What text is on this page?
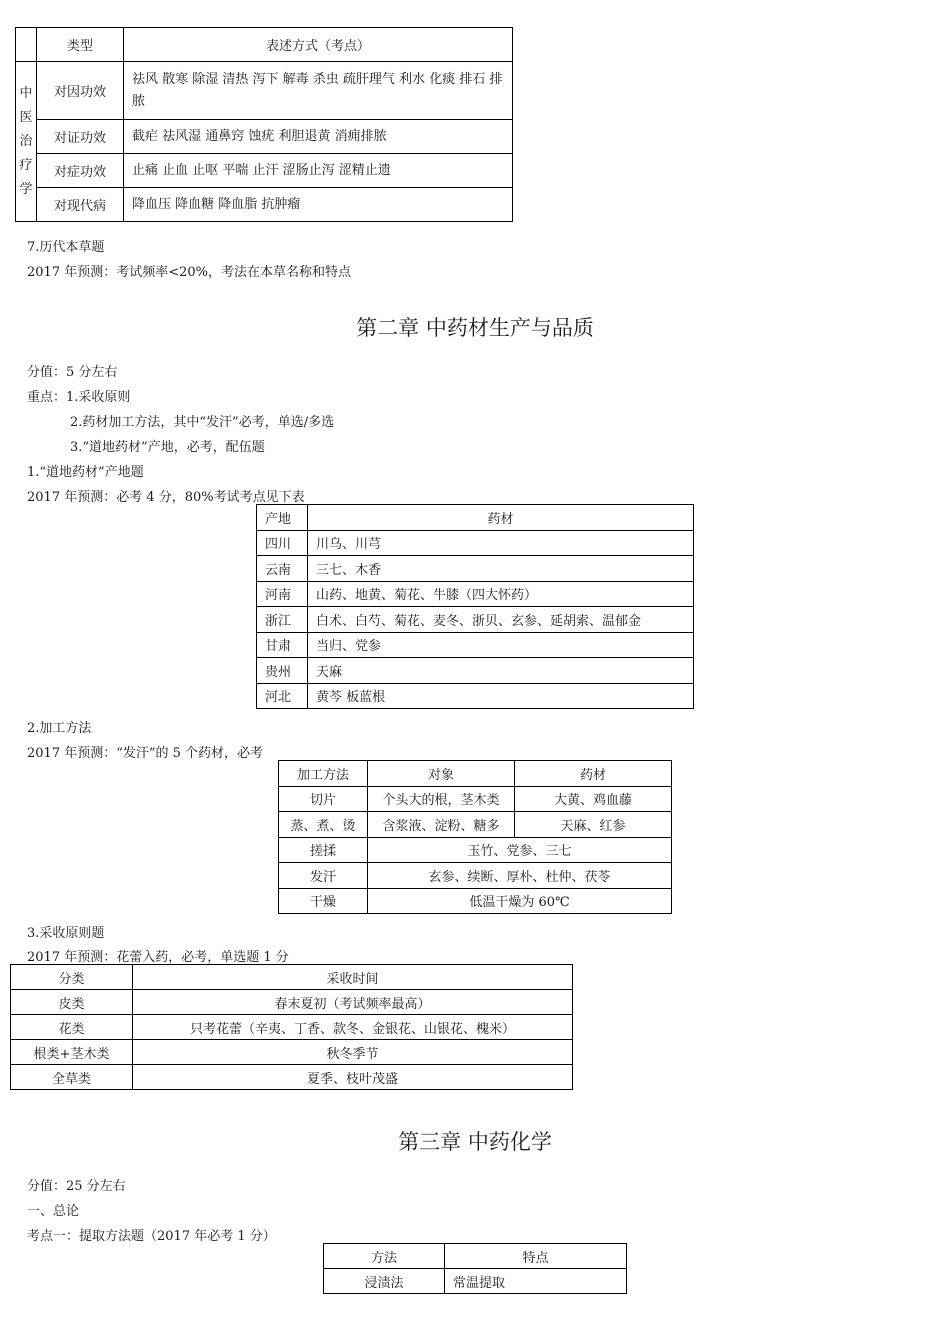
	类型	表述方式（考点）

中
医
治
疗
学	对因功效	祛风 散寒 除湿 清热 泻下 解毒 杀虫 疏肝理气 利水 化痰 排石 排脓
	对证功效	截疟 祛风湿 通鼻窍 蚀疣 利胆退黄 消痈排脓
	对症功效	止痛 止血 止呕 平喘 止汗 涩肠止泻 涩精止遗
	对现代病	降血压 降血糖 降血脂 抗肿瘤
7.历代本草题
2017 年预测：考试频率<20%，考法在本草名称和特点
第二章 中药材生产与品质
分值：5 分左右
重点：1.采收原则
2.药材加工方法，其中“发汗”必考，单选/多选
3.“道地药材”产地，必考，配伍题
1.“道地药材”产地题
2017 年预测：必考 4 分，80%考试考点见下表
产地	药材
四川	川乌、川芎
云南	三七、木香
河南	山药、地黄、菊花、牛膝（四大怀药）
浙江	白术、白芍、菊花、麦冬、浙贝、玄参、延胡索、温郁金
甘肃	当归、党参
贵州	天麻
河北	黄芩 板蓝根
2.加工方法
2017 年预测：“发汗”的 5 个药材，必考
加工方法	对象	药材
切片	个头大的根，茎木类	大黄、鸡血藤
蒸、煮、烫	含浆液、淀粉、糖多	天麻、红参
搓揉	玉竹、党参、三七	
发汗	玄参、续断、厚朴、杜仲、茯苓	
干燥	低温干燥为 60℃	
3.采收原则题
2017 年预测：花蕾入药，必考，单选题 1 分
分类	采收时间
皮类	春末夏初（考试频率最高）
花类	只考花蕾（辛夷、丁香、款冬、金银花、山银花、槐米）
根类+茎木类	秋冬季节
全草类	夏季、枝叶茂盛
第三章 中药化学
分值：25 分左右
一、总论
考点一：提取方法题（2017 年必考 1 分）
方法	特点
浸渍法	常温提取
